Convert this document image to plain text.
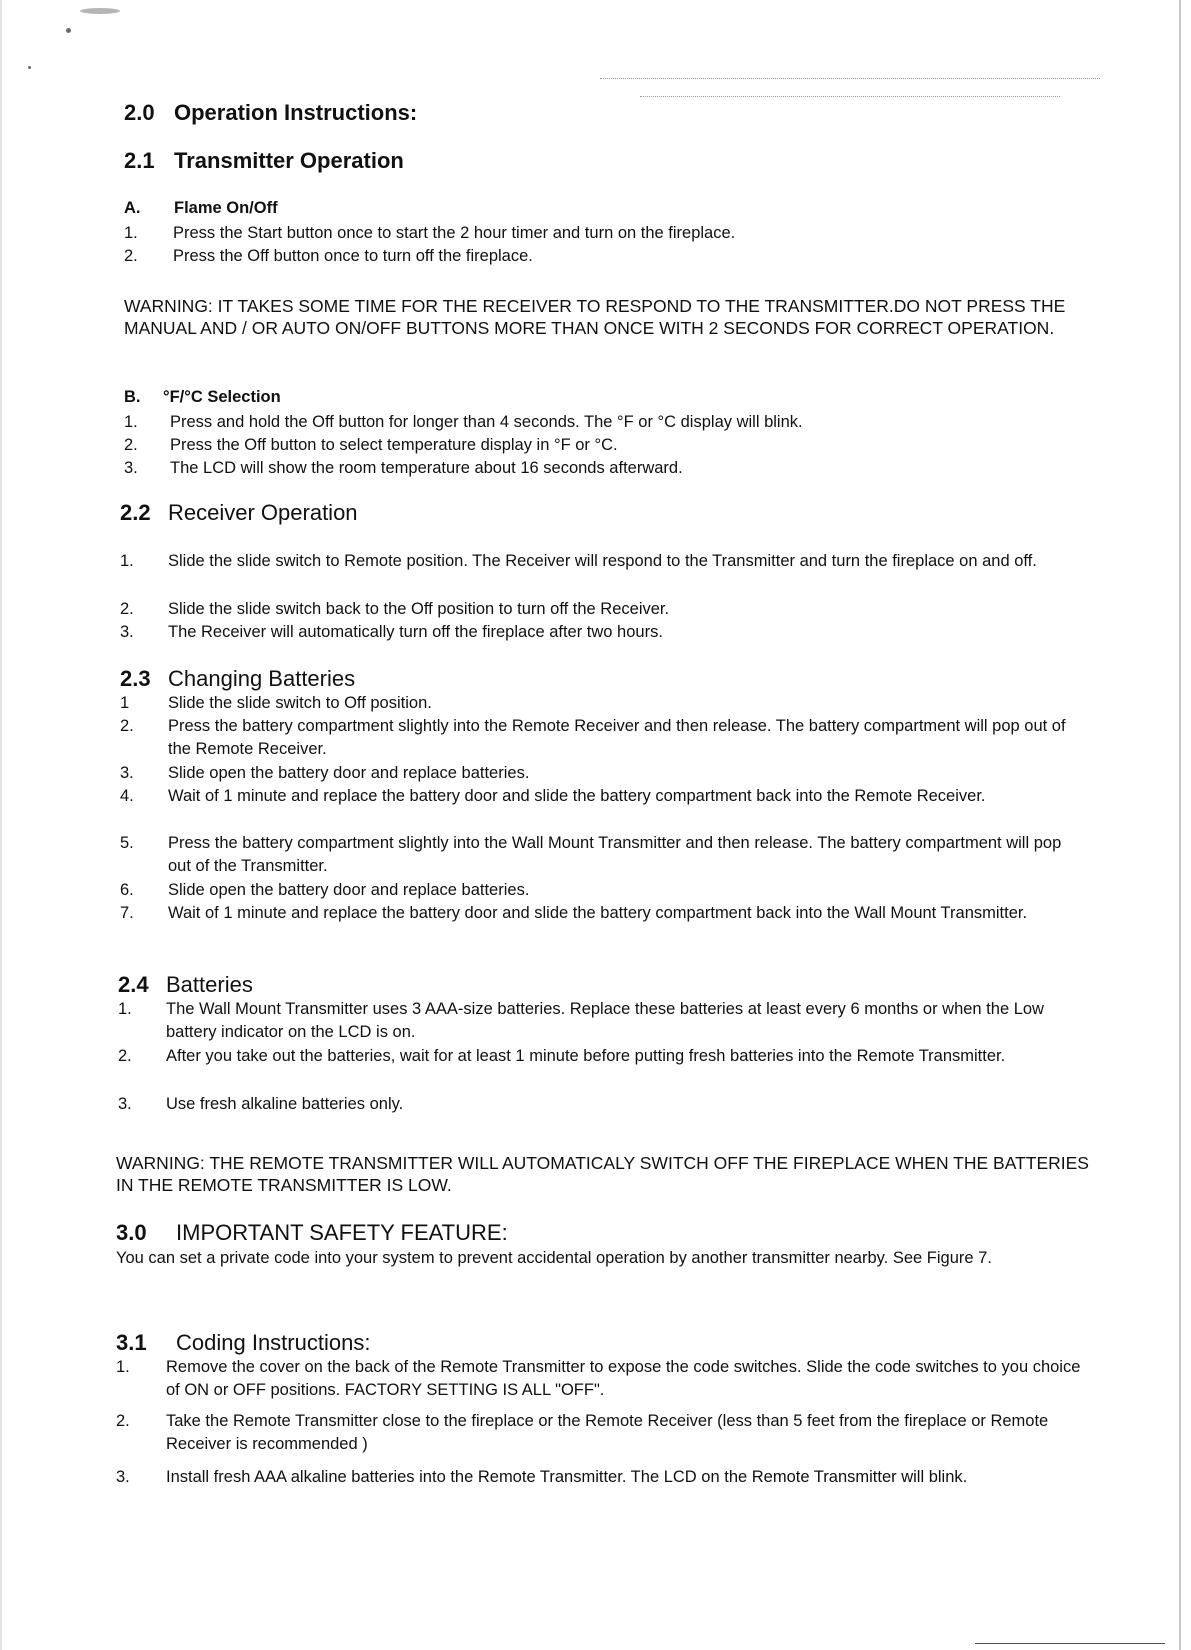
2.0 Operation Instructions:
2.1 Transmitter Operation
A. Flame On/Off
1. Press the Start button once to start the 2 hour timer and turn on the fireplace.
2. Press the Off button once to turn off the fireplace.
WARNING: IT TAKES SOME TIME FOR THE RECEIVER TO RESPOND TO THE TRANSMITTER.DO NOT PRESS THE MANUAL AND / OR AUTO ON/OFF BUTTONS MORE THAN ONCE WITH 2 SECONDS FOR CORRECT OPERATION.
B. °F/°C Selection
1. Press and hold the Off button for longer than 4 seconds. The °F or °C display will blink.
2. Press the Off button to select temperature display in °F or °C.
3. The LCD will show the room temperature about 16 seconds afterward.
2.2 Receiver Operation
1. Slide the slide switch to Remote position. The Receiver will respond to the Transmitter and turn the fireplace on and off.
2. Slide the slide switch back to the Off position to turn off the Receiver.
3. The Receiver will automatically turn off the fireplace after two hours.
2.3 Changing Batteries
1 Slide the slide switch to Off position.
2. Press the battery compartment slightly into the Remote Receiver and then release. The battery compartment will pop out of the Remote Receiver.
3. Slide open the battery door and replace batteries.
4. Wait of 1 minute and replace the battery door and slide the battery compartment back into the Remote Receiver.
5. Press the battery compartment slightly into the Wall Mount Transmitter and then release. The battery compartment will pop out of the Transmitter.
6. Slide open the battery door and replace batteries.
7. Wait of 1 minute and replace the battery door and slide the battery compartment back into the Wall Mount Transmitter.
2.4 Batteries
1. The Wall Mount Transmitter uses 3 AAA-size batteries. Replace these batteries at least every 6 months or when the Low battery indicator on the LCD is on.
2. After you take out the batteries, wait for at least 1 minute before putting fresh batteries into the Remote Transmitter.
3. Use fresh alkaline batteries only.
WARNING: THE REMOTE TRANSMITTER WILL AUTOMATICALY SWITCH OFF THE FIREPLACE WHEN THE BATTERIES IN THE REMOTE TRANSMITTER IS LOW.
3.0 IMPORTANT SAFETY FEATURE:
You can set a private code into your system to prevent accidental operation by another transmitter nearby. See Figure 7.
3.1 Coding Instructions:
1. Remove the cover on the back of the Remote Transmitter to expose the code switches. Slide the code switches to you choice of ON or OFF positions. FACTORY SETTING IS ALL "OFF".
2. Take the Remote Transmitter close to the fireplace or the Remote Receiver (less than 5 feet from the fireplace or Remote Receiver is recommended )
3. Install fresh AAA alkaline batteries into the Remote Transmitter. The LCD on the Remote Transmitter will blink.
